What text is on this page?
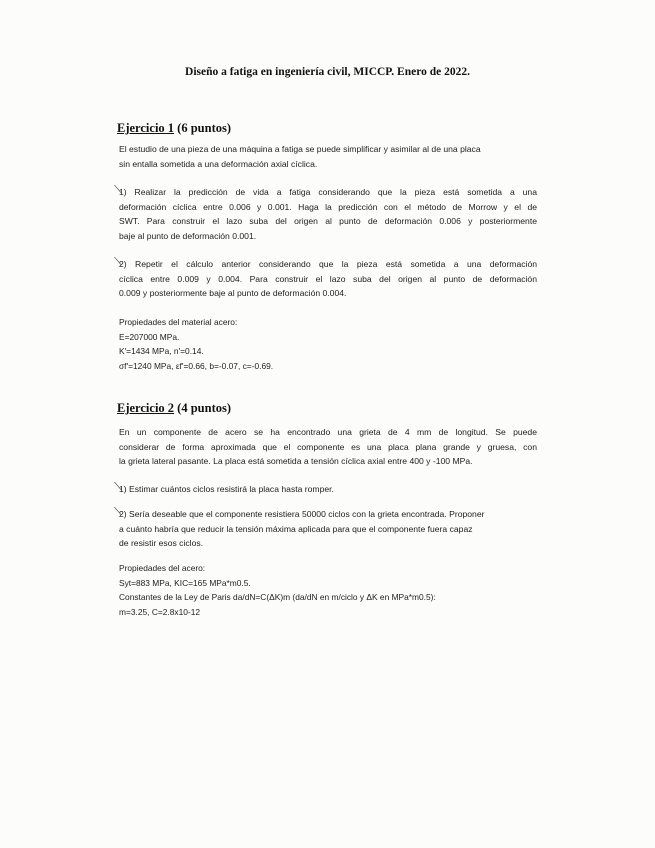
Diseño a fatiga en ingeniería civil, MICCP. Enero de 2022.
Ejercicio 1 (6 puntos)
El estudio de una pieza de una máquina a fatiga se puede simplificar y asimilar al de una placa
sin entalla sometida a una deformación axial cíclica.
⟍
1) Realizar la predicción de vida a fatiga considerando que la pieza está sometida a una
deformación cíclica entre 0.006 y 0.001. Haga la predicción con el método de Morrow y el de
SWT. Para construir el lazo suba del origen al punto de deformación 0.006 y posteriormente
baje al punto de deformación 0.001.
⟍
2) Repetir el cálculo anterior considerando que la pieza está sometida a una deformación
cíclica entre 0.009 y 0.004. Para construir el lazo suba del origen al punto de deformación
0.009 y posteriormente baje al punto de deformación 0.004.
Propiedades del material acero:
E=207000 MPa.
K'=1434 MPa, n'=0.14.
σf'=1240 MPa, εf'=0.66, b=-0.07, c=-0.69.
Ejercicio 2 (4 puntos)
En un componente de acero se ha encontrado una grieta de 4 mm de longitud. Se puede
considerar de forma aproximada que el componente es una placa plana grande y gruesa, con
la grieta lateral pasante. La placa está sometida a tensión cíclica axial entre 400 y -100 MPa.
⟍
1) Estimar cuántos ciclos resistirá la placa hasta romper.
⟍
2) Sería deseable que el componente resistiera 50000 ciclos con la grieta encontrada. Proponer
a cuánto habría que reducir la tensión máxima aplicada para que el componente fuera capaz
de resistir esos ciclos.
Propiedades del acero:
Syt=883 MPa, KIC=165 MPa*m0.5.
Constantes de la Ley de Paris da/dN=C(ΔK)m (da/dN en m/ciclo y ΔK en MPa*m0.5):
m=3.25, C=2.8x10-12
